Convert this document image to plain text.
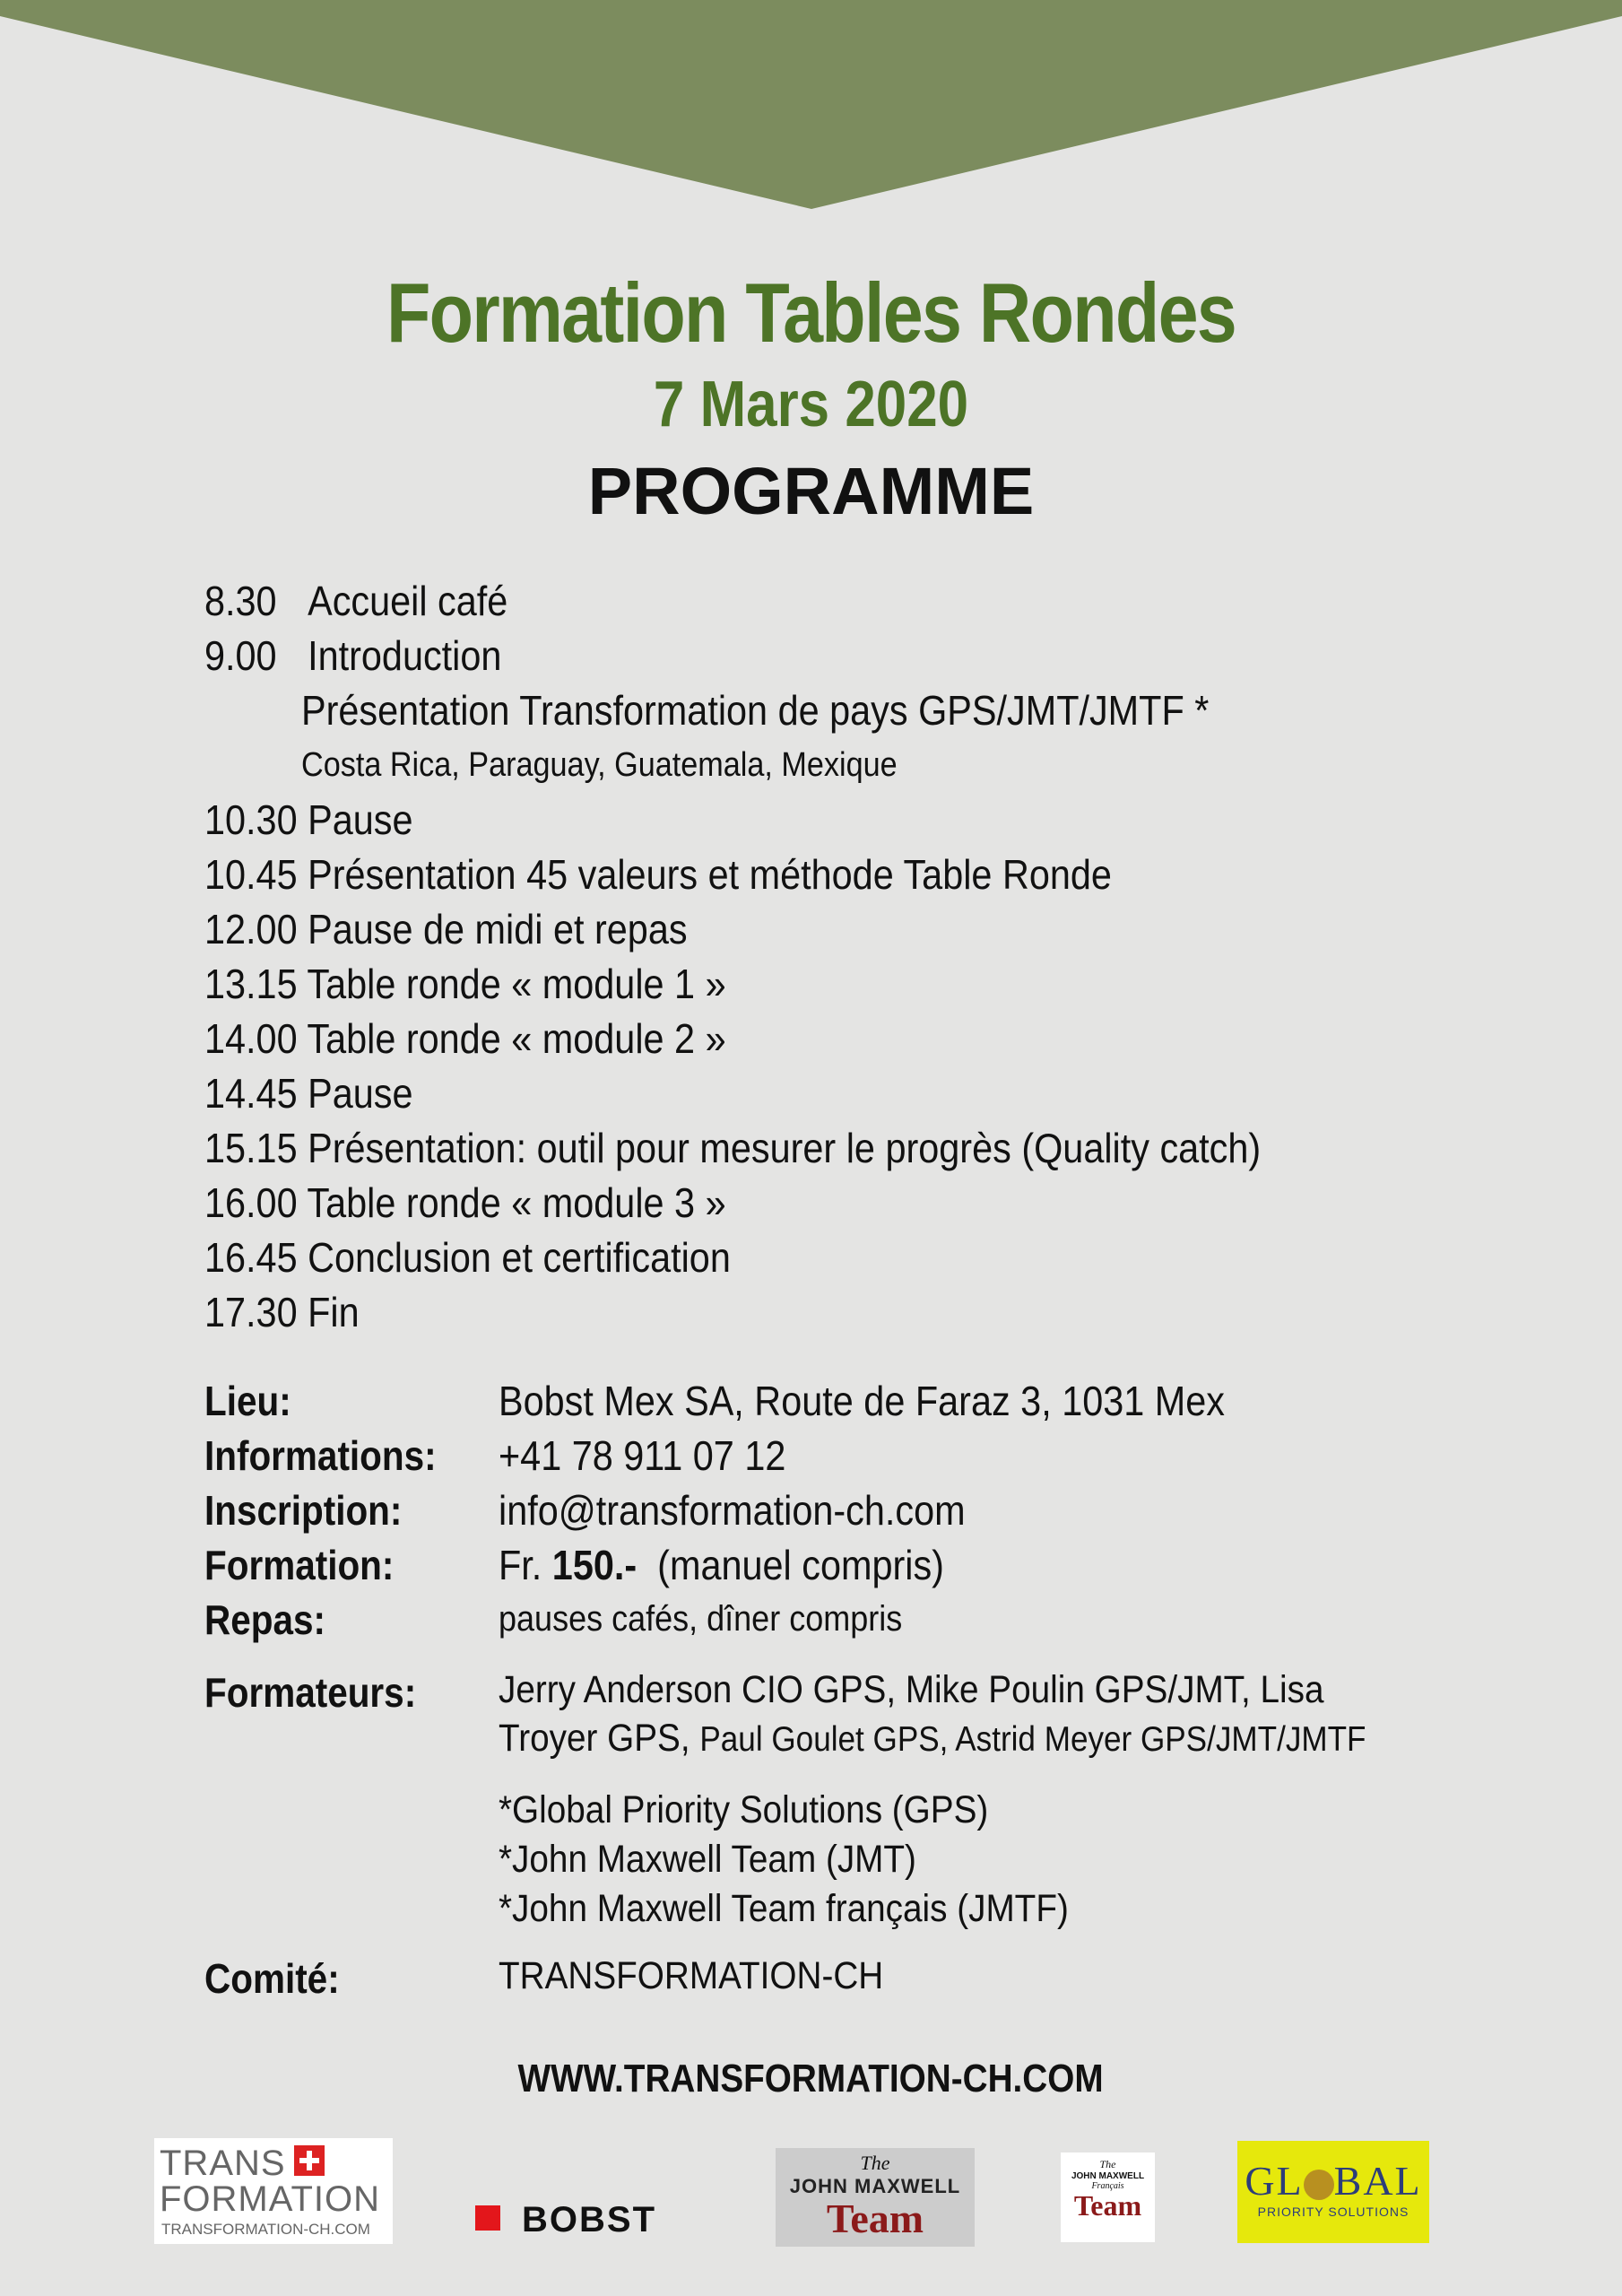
Formation Tables Rondes
7 Mars 2020
PROGRAMME
8.30 Accueil café
9.00 Introduction
Présentation Transformation de pays GPS/JMT/JMTF *
Costa Rica, Paraguay, Guatemala, Mexique
10.30 Pause
10.45 Présentation 45 valeurs et méthode Table Ronde
12.00 Pause de midi et repas
13.15 Table ronde « module 1 »
14.00 Table ronde « module 2 »
14.45 Pause
15.15 Présentation: outil pour mesurer le progrès (Quality catch)
16.00 Table ronde « module 3 »
16.45 Conclusion et certification
17.30 Fin
Lieu:	Bobst Mex SA, Route de Faraz 3, 1031 Mex
Informations: +41 78 911 07 12
Inscription: info@transformation-ch.com
Formation:	Fr. 150.-  (manuel compris)
Repas:	pauses cafés, dîner compris
Formateurs: Jerry Anderson CIO GPS, Mike Poulin GPS/JMT, Lisa
Troyer GPS, Paul Goulet GPS, Astrid Meyer GPS/JMT/JMTF
*Global Priority Solutions (GPS)
*John Maxwell Team (JMT)
*John Maxwell Team français (JMTF)
Comité:	TRANSFORMATION-CH
WWW.TRANSFORMATION-CH.COM
TRANS
FORMATION
TRANSFORMATION-CH.COM	BOBST
The
JOHN MAXWELL
Team
The
JOHN MAXWELL
Français
Team
GL BAL
PRIORITY SOLUTIONS
